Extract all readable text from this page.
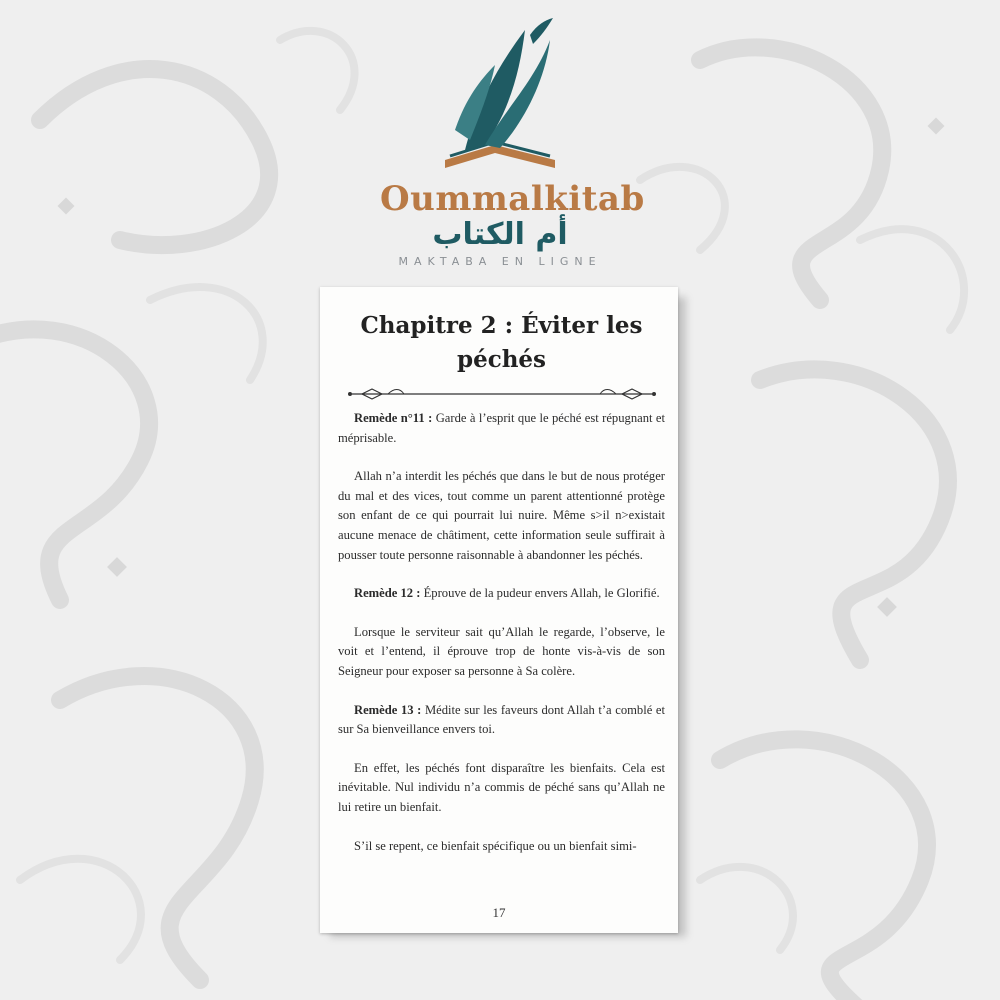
Oummalkitab
أم الكتاب
MAKTABA EN LIGNE
Chapitre 2 : Éviter les péchés

Remède n°11 : Garde à l’esprit que le péché est répugnant et méprisable.

Allah n’a interdit les péchés que dans le but de nous protéger du mal et des vices, tout comme un parent attentionné protège son enfant de ce qui pourrait lui nuire. Même s>il n>existait aucune menace de châtiment, cette information seule suffirait à pousser toute personne raisonnable à abandonner les péchés.

Remède 12 : Éprouve de la pudeur envers Allah, le Glorifié.

Lorsque le serviteur sait qu’Allah le regarde, l’observe, le voit et l’entend, il éprouve trop de honte vis-à-vis de son Seigneur pour exposer sa personne à Sa colère.

Remède 13 : Médite sur les faveurs dont Allah t’a comblé et sur Sa bienveillance envers toi.

En effet, les péchés font disparaître les bienfaits. Cela est inévitable. Nul individu n’a commis de péché sans qu’Allah ne lui retire un bienfait.

S’il se repent, ce bienfait spécifique ou un bienfait simi-

17
